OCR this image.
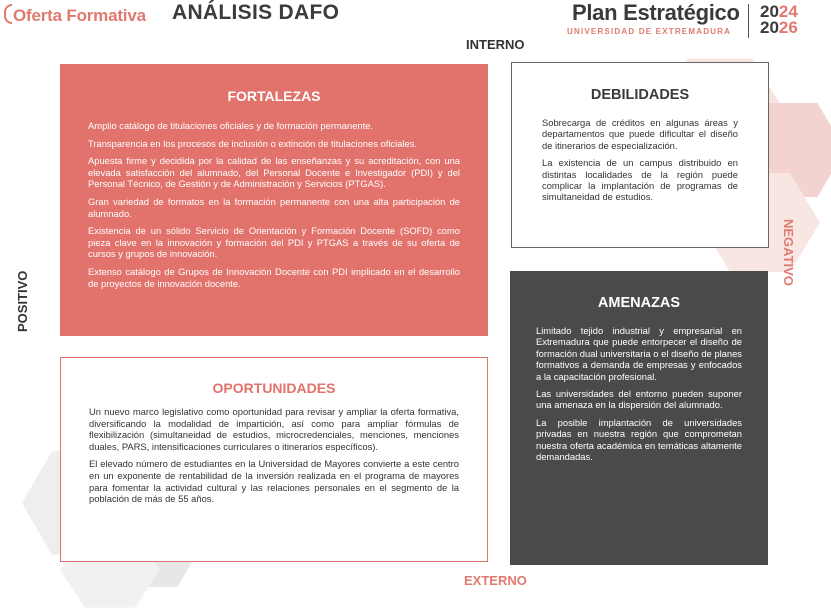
Oferta Formativa ANÁLISIS DAFO	Plan Estratégico
UNIVERSIDAD DE EXTREMADURA
2024
2026
INTERNO
EXTERNO
POSITIVO
NEGATIVO
FORTALEZAS

Amplio catálogo de titulaciones oficiales y de formación permanente.

Transparencia en los procesos de inclusión o extinción de titulaciones oficiales.

Apuesta firme y decidida por la calidad de las enseñanzas y su acreditación, con una elevada satisfacción del alumnado, del Personal Docente e Investigador (PDI) y del Personal Técnico, de Gestión y de Administración y Servicios (PTGAS).

Gran variedad de formatos en la formación permanente con una alta participación de alumnado.

Existencia de un sólido Servicio de Orientación y Formación Docente (SOFD) como pieza clave en la innovación y formación del PDI y PTGAS a través de su oferta de cursos y grupos de innovación.

Extenso catálogo de Grupos de Innovación Docente con PDI implicado en el desarrollo de proyectos de innovación docente.

DEBILIDADES

Sobrecarga de créditos en algunas áreas y departamentos que puede dificultar el diseño de itinerarios de especialización.

La existencia de un campus distribuido en distintas localidades de la región puede complicar la implantación de programas de simultaneidad de estudios.

OPORTUNIDADES

Un nuevo marco legislativo como oportunidad para revisar y ampliar la oferta formativa, diversificando la modalidad de impartición, así como para ampliar fórmulas de flexibilización (simultaneidad de estudios, microcredenciales, menciones, menciones duales, PARS, intensificaciones curriculares o itinerarios específicos).

El elevado número de estudiantes en la Universidad de Mayores convierte a este centro en un exponente de rentabilidad de la inversión realizada en el programa de mayores para fomentar la actividad cultural y las relaciones personales en el segmento de la población de más de 55 años.

AMENAZAS

Limitado tejido industrial y empresarial en Extremadura que puede entorpecer el diseño de formación dual universitaria o el diseño de planes formativos a demanda de empresas y enfocados a la capacitación profesional.

Las universidades del entorno pueden suponer una amenaza en la dispersión del alumnado.

La posible implantación de universidades privadas en nuestra región que comprometan nuestra oferta académica en temáticas altamente demandadas.
